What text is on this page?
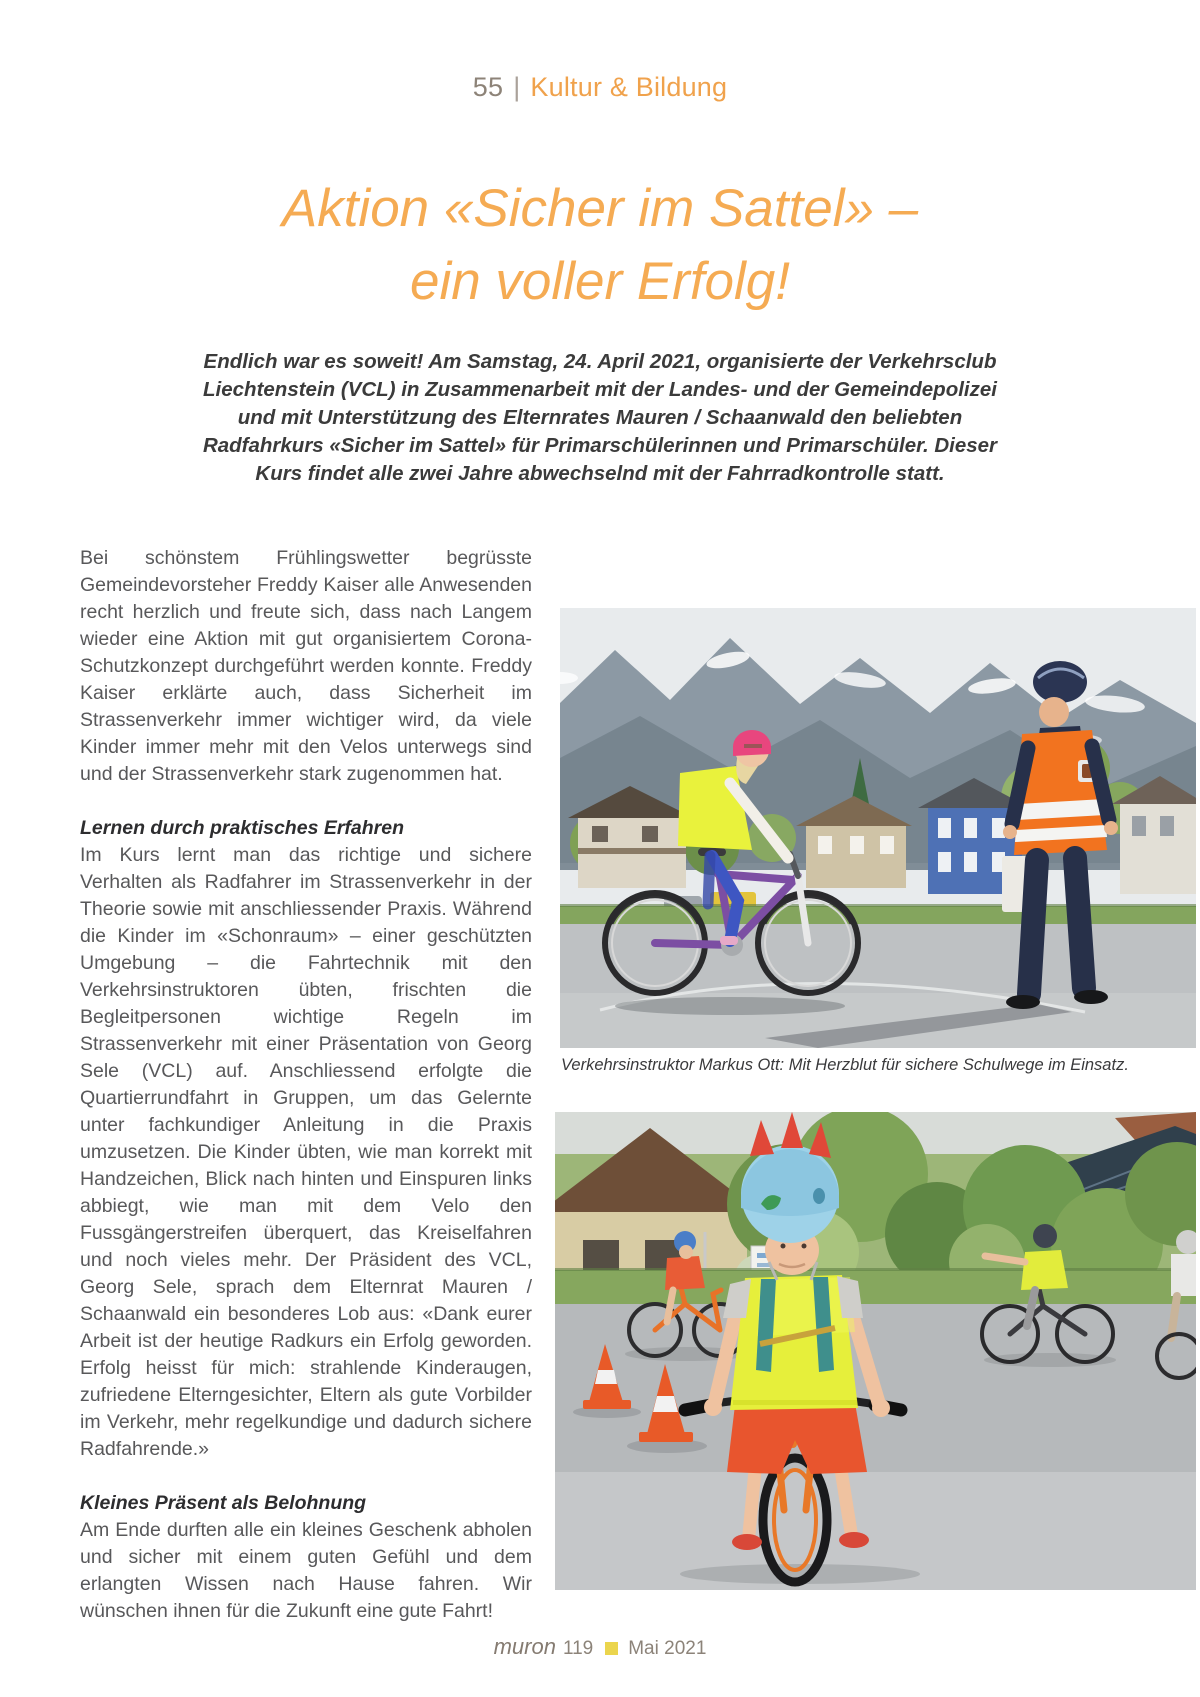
55 | Kultur & Bildung
Aktion «Sicher im Sattel» –
ein voller Erfolg!
Endlich war es soweit! Am Samstag, 24. April 2021, organisierte der Verkehrsclub Liechtenstein (VCL) in Zusammenarbeit mit der Landes- und der Gemeindepolizei und mit Unterstützung des Elternrates Mauren / Schaanwald den beliebten Radfahrkurs «Sicher im Sattel» für Primarschülerinnen und Primarschüler. Dieser Kurs findet alle zwei Jahre abwechselnd mit der Fahrradkontrolle statt.

Bei schönstem Frühlingswetter begrüsste Gemeindevorsteher Freddy Kaiser alle Anwesenden recht herzlich und freute sich, dass nach Langem wieder eine Aktion mit gut organisiertem Corona-Schutzkonzept durchgeführt werden konnte. Freddy Kaiser erklärte auch, dass Sicherheit im Strassenverkehr immer wichtiger wird, da viele Kinder immer mehr mit den Velos unterwegs sind und der Strassenverkehr stark zugenommen hat.

Lernen durch praktisches Erfahren

Im Kurs lernt man das richtige und sichere Verhalten als Radfahrer im Strassenverkehr in der Theorie sowie mit anschliessender Praxis. Während die Kinder im «Schonraum» – einer geschützten Umgebung – die Fahrtechnik mit den Verkehrsinstruktoren übten, frischten die Begleitpersonen wichtige Regeln im Strassenverkehr mit einer Präsentation von Georg Sele (VCL) auf. Anschliessend erfolgte die Quartierrundfahrt in Gruppen, um das Gelernte unter fachkundiger Anleitung in die Praxis umzusetzen. Die Kinder übten, wie man korrekt mit Handzeichen, Blick nach hinten und Einspuren links abbiegt, wie man mit dem Velo den Fussgängerstreifen überquert, das Kreiselfahren und noch vieles mehr. Der Präsident des VCL, Georg Sele, sprach dem Elternrat Mauren / Schaanwald ein besonderes Lob aus: «Dank eurer Arbeit ist der heutige Radkurs ein Erfolg geworden. Erfolg heisst für mich: strahlende Kinderaugen, zufriedene Elterngesichter, Eltern als gute Vorbilder im Verkehr, mehr regelkundige und dadurch sichere Radfahrende.»

Kleines Präsent als Belohnung

Am Ende durften alle ein kleines Geschenk abholen und sicher mit einem guten Gefühl und dem erlangten Wissen nach Hause fahren. Wir wünschen ihnen für die Zukunft eine gute Fahrt!

Verkehrsinstruktor Markus Ott: Mit Herzblut für sichere Schulwege im Einsatz.
muron 119 Mai 2021
